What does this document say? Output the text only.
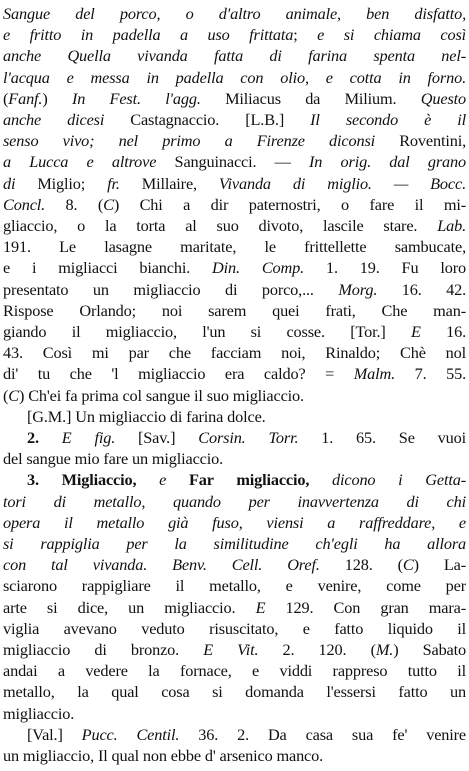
Sangue del porco, o d'altro animale, ben disfatto,
e fritto in padella a uso frittata; e si chiama così
anche Quella vivanda fatta di farina spenta nel-
l'acqua e messa in padella con olio, e cotta in forno.
(Fanf.) In Fest. l'agg. Miliacus da Milium. Questo
anche dicesi Castagnaccio. [L.B.] Il secondo è il
senso vivo; nel primo a Firenze diconsi Roventini,
a Lucca e altrove Sanguinacci. — In orig. dal grano
di Miglio; fr. Millaire, Vivanda di miglio. — Bocc.
Concl. 8. (C) Chi a dir paternostri, o fare il mi-
gliaccio, o la torta al suo divoto, lascile stare. Lab.
191. Le lasagne maritate, le frittellette sambucate,
e i migliacci bianchi. Din. Comp. 1. 19. Fu loro
presentato un migliaccio di porco,... Morg. 16. 42.
Rispose Orlando; noi sarem quei frati, Che man-
giando il migliaccio, l'un si cosse. [Tor.] E 16.
43. Così mi par che facciam noi, Rinaldo; Chè nol
di' tu che 'l migliaccio era caldo? = Malm. 7. 55.
(C) Ch'ei fa prima col sangue il suo migliaccio.
[G.M.] Un migliaccio di farina dolce.
2. E fig. [Sav.] Corsin. Torr. 1. 65. Se vuoi
del sangue mio fare un migliaccio.
3. Migliaccio, e Far migliaccio, dicono i Getta-
tori di metallo, quando per inavvertenza di chi
opera il metallo già fuso, viensi a raffreddare, e
si rappiglia per la similitudine ch'egli ha allora
con tal vivanda. Benv. Cell. Oref. 128. (C) La-
sciarono rappigliare il metallo, e venire, come per
arte si dice, un migliaccio. E 129. Con gran mara-
viglia avevano veduto risuscitato, e fatto liquido il
migliaccio di bronzo. E Vit. 2. 120. (M.) Sabato
andai a vedere la fornace, e viddi rappreso tutto il
metallo, la qual cosa si domanda l'essersi fatto un
migliaccio.
[Val.] Pucc. Centil. 36. 2. Da casa sua fe' venire
un migliaccio, Il qual non ebbe d' arsenico manco.
